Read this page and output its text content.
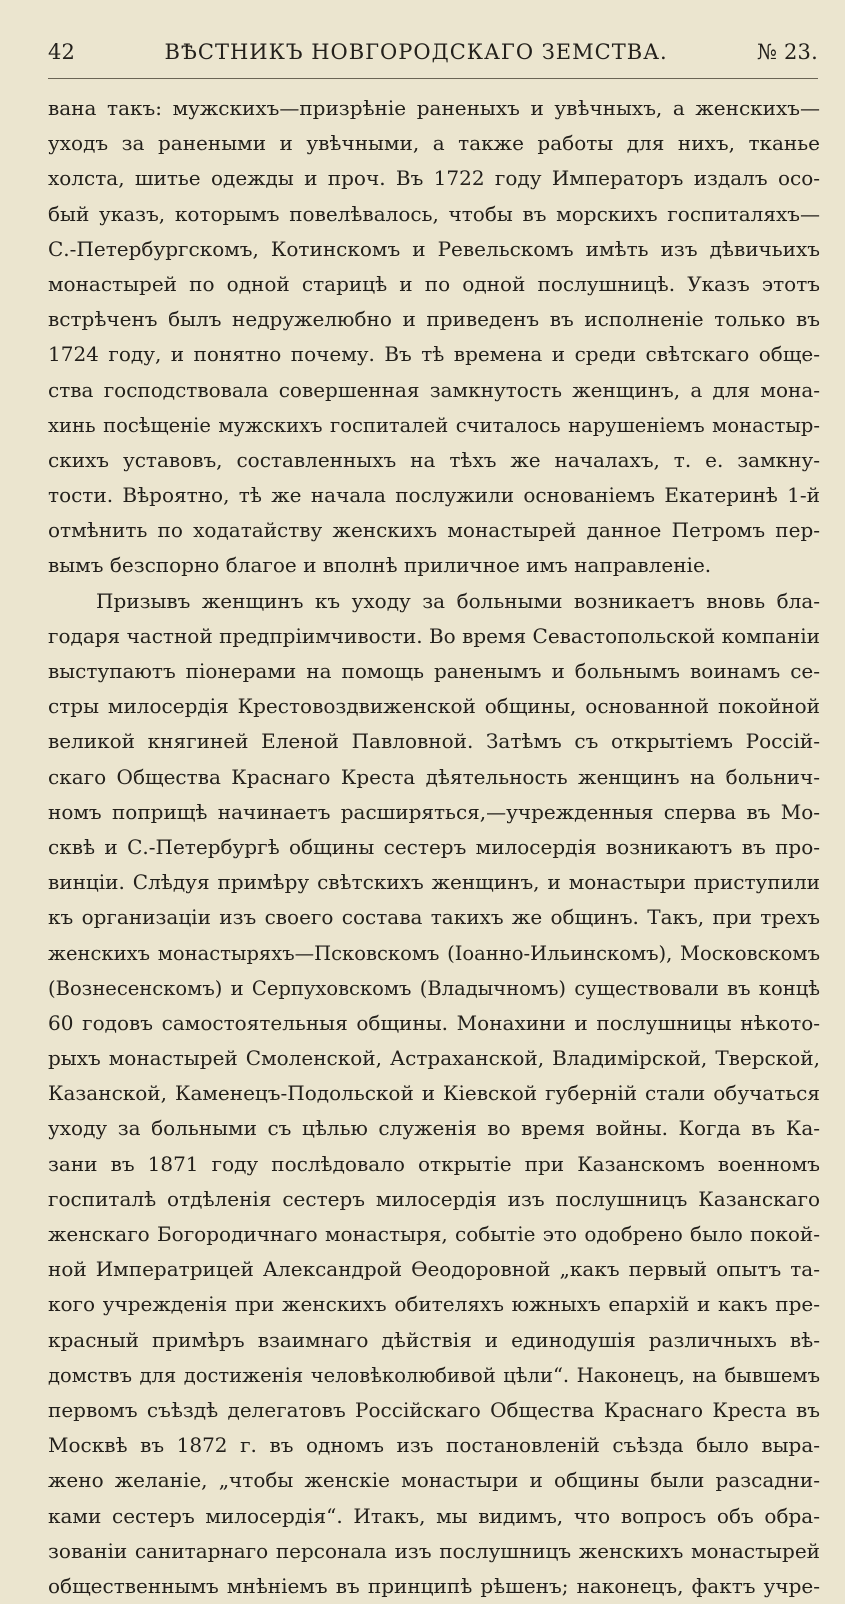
42	ВѢСТНИКЪ НОВГОРОДСКАГО ЗЕМСТВА.	№ 23.
вана такъ: мужскихъ—призрѣніе раненыхъ и увѣчныхъ, а женскихъ—
уходъ за ранеными и увѣчными, а также работы для нихъ, тканье
холста, шитье одежды и проч. Въ 1722 году Императоръ издалъ осо-
бый указъ, которымъ повелѣвалось, чтобы въ морскихъ госпиталяхъ—
С.-Петербургскомъ, Котинскомъ и Ревельскомъ имѣть изъ дѣвичьихъ
монастырей по одной старицѣ и по одной послушницѣ. Указъ этотъ
встрѣченъ былъ недружелюбно и приведенъ въ исполненіе только въ
1724 году, и понятно почему. Въ тѣ времена и среди свѣтскаго обще-
ства господствовала совершенная замкнутость женщинъ, а для мона-
хинь посѣщеніе мужскихъ госпиталей считалось нарушеніемъ монастыр-
скихъ уставовъ, составленныхъ на тѣхъ же началахъ, т. е. замкну-
тости. Вѣроятно, тѣ же начала послужили основаніемъ Екатеринѣ 1-й
отмѣнить по ходатайству женскихъ монастырей данное Петромъ пер-
вымъ безспорно благое и вполнѣ приличное имъ направленіе.
Призывъ женщинъ къ уходу за больными возникаетъ вновь бла-
годаря частной предпріимчивости. Во время Севастопольской компаніи
выступаютъ піонерами на помощь раненымъ и больнымъ воинамъ се-
стры милосердія Крестовоздвиженской общины, основанной покойной
великой княгиней Еленой Павловной. Затѣмъ съ открытіемъ Россій-
скаго Общества Краснаго Креста дѣятельность женщинъ на больнич-
номъ поприщѣ начинаетъ расширяться,—учрежденныя сперва въ Мо-
сквѣ и С.-Петербургѣ общины сестеръ милосердія возникаютъ въ про-
винціи. Слѣдуя примѣру свѣтскихъ женщинъ, и монастыри приступили
къ организаціи изъ своего состава такихъ же общинъ. Такъ, при трехъ
женскихъ монастыряхъ—Псковскомъ (Іоанно-Ильинскомъ), Московскомъ
(Вознесенскомъ) и Серпуховскомъ (Владычномъ) существовали въ концѣ
60 годовъ самостоятельныя общины. Монахини и послушницы нѣкото-
рыхъ монастырей Смоленской, Астраханской, Владимірской, Тверской,
Казанской, Каменецъ-Подольской и Кіевской губерній стали обучаться
уходу за больными съ цѣлью служенія во время войны. Когда въ Ка-
зани въ 1871 году послѣдовало открытіе при Казанскомъ военномъ
госпиталѣ отдѣленія сестеръ милосердія изъ послушницъ Казанскаго
женскаго Богородичнаго монастыря, событіе это одобрено было покой-
ной Императрицей Александрой Ѳеодоровной „какъ первый опытъ та-
кого учрежденія при женскихъ обителяхъ южныхъ епархій и какъ пре-
красный примѣръ взаимнаго дѣйствія и единодушія различныхъ вѣ-
домствъ для достиженія человѣколюбивой цѣли“. Наконецъ, на бывшемъ
первомъ съѣздѣ делегатовъ Россійскаго Общества Краснаго Креста въ
Москвѣ въ 1872 г. въ одномъ изъ постановленій съѣзда было выра-
жено желаніе, „чтобы женскіе монастыри и общины были разсадни-
ками сестеръ милосердія“. Итакъ, мы видимъ, что вопросъ объ обра-
зованіи санитарнаго персонала изъ послушницъ женскихъ монастырей
общественнымъ мнѣніемъ въ принципѣ рѣшенъ; наконецъ, фактъ учре-
